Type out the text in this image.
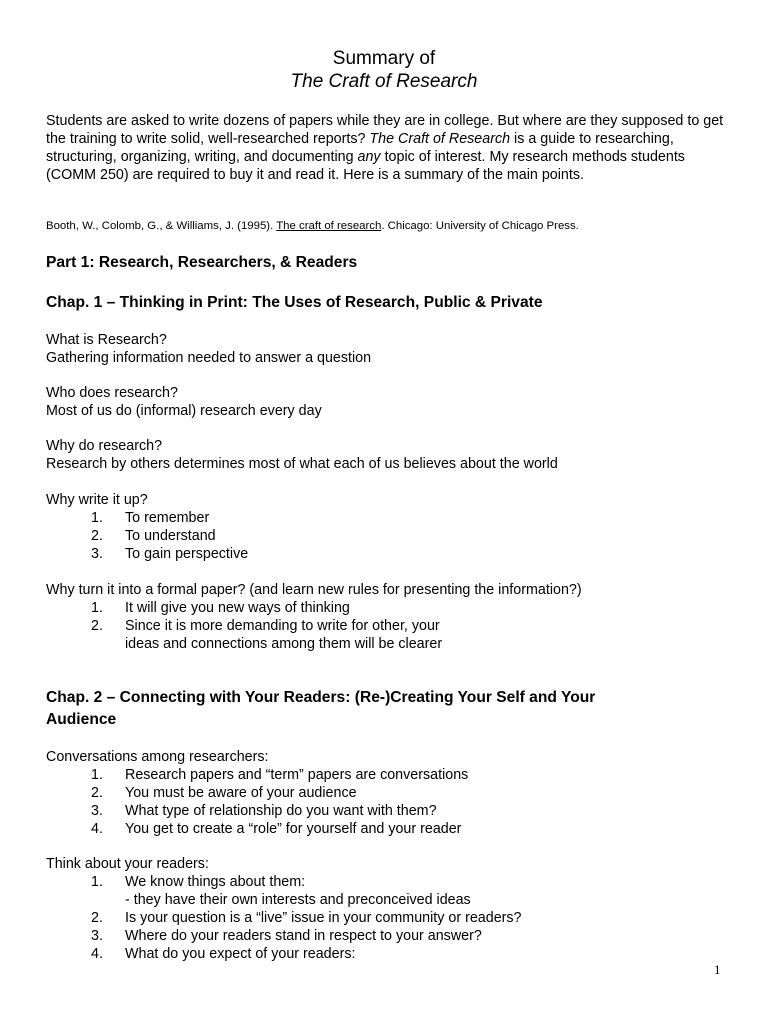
Summary of
The Craft of Research
Students are asked to write dozens of papers while they are in college. But where are they supposed to get the training to write solid, well-researched reports? The Craft of Research is a guide to researching, structuring, organizing, writing, and documenting any topic of interest. My research methods students (COMM 250) are required to buy it and read it. Here is a summary of the main points.
Booth, W., Colomb, G., & Williams, J. (1995). The craft of research. Chicago: University of Chicago Press.
Part 1: Research, Researchers, & Readers
Chap. 1 – Thinking in Print: The Uses of Research, Public & Private
What is Research?
Gathering information needed to answer a question
Who does research?
Most of us do (informal) research every day
Why do research?
Research by others determines most of what each of us believes about the world
Why write it up?
1. To remember
2. To understand
3. To gain perspective
Why turn it into a formal paper? (and learn new rules for presenting the information?)
1. It will give you new ways of thinking
2. Since it is more demanding to write for other, your
ideas and connections among them will be clearer
Chap. 2 – Connecting with Your Readers: (Re-)Creating Your Self and Your
Audience
Conversations among researchers:
1. Research papers and “term” papers are conversations
2. You must be aware of your audience
3. What type of relationship do you want with them?
4. You get to create a “role” for yourself and your reader
Think about your readers:
1. We know things about them:
- they have their own interests and preconceived ideas
2. Is your question is a “live” issue in your community or readers?
3. Where do your readers stand in respect to your answer?
4. What do you expect of your readers:
1
